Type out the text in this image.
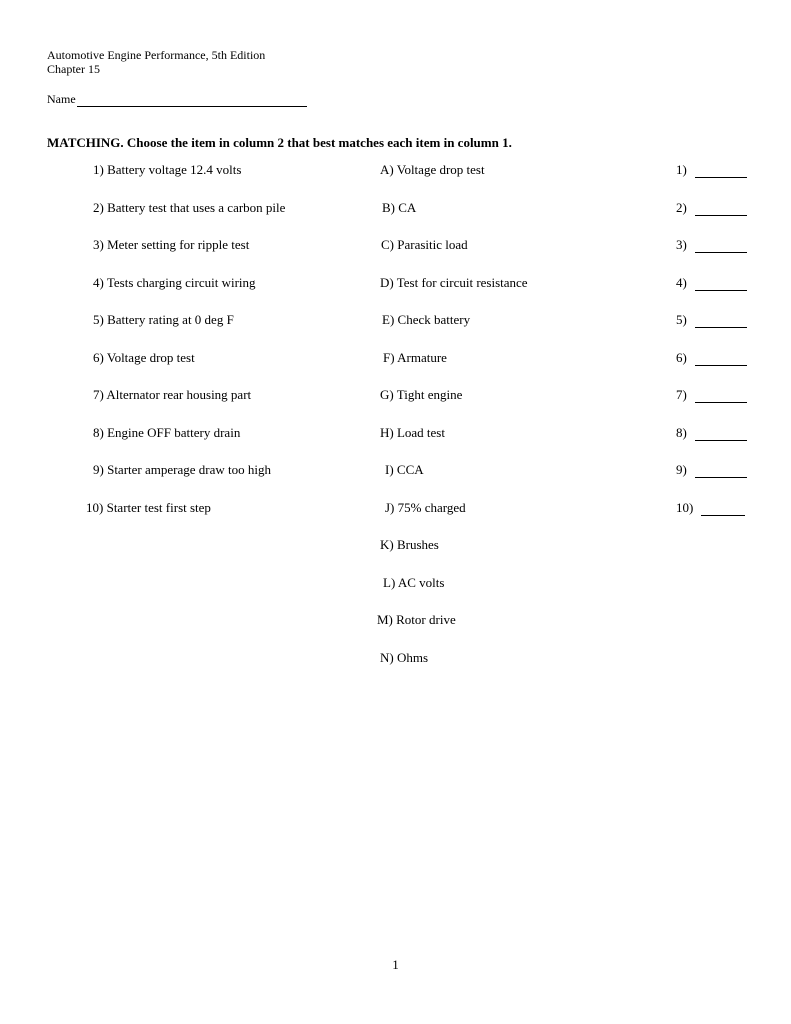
Automotive Engine Performance, 5th Edition
Chapter 15
Name
MATCHING. Choose the item in column 2 that best matches each item in column 1.
1) Battery voltage 12.4 volts
2) Battery test that uses a carbon pile
3) Meter setting for ripple test
4) Tests charging circuit wiring
5) Battery rating at 0 deg F
6) Voltage drop test
7) Alternator rear housing part
8) Engine OFF battery drain
9) Starter amperage draw too high
10) Starter test first step
A) Voltage drop test
B) CA
C) Parasitic load
D) Test for circuit resistance
E) Check battery
F) Armature
G) Tight engine
H) Load test
I) CCA
J) 75% charged
K) Brushes
L) AC volts
M) Rotor drive
N) Ohms
1)
2)
3)
4)
5)
6)
7)
8)
9)
10)
1
